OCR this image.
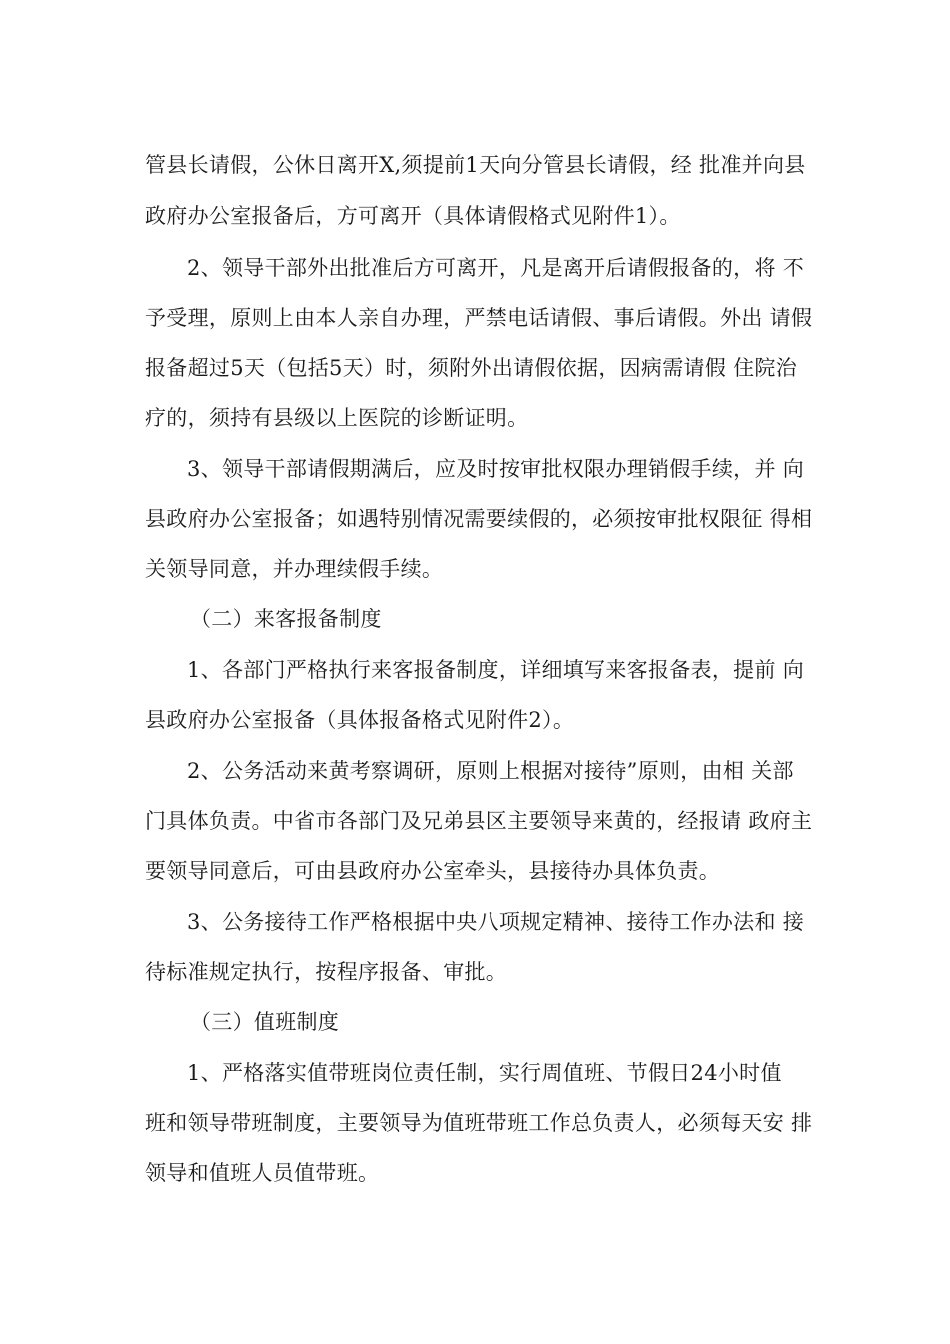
管县长请假，公休日离开X,须提前1天向分管县长请假，经 批准并向县
政府办公室报备后，方可离开（具体请假格式见附件1）。
2、领导干部外出批准后方可离开，凡是离开后请假报备的，将 不
予受理，原则上由本人亲自办理，严禁电话请假、事后请假。外出 请假
报备超过5天（包括5天）时，须附外出请假依据，因病需请假 住院治
疗的，须持有县级以上医院的诊断证明。
3、领导干部请假期满后，应及时按审批权限办理销假手续，并 向
县政府办公室报备；如遇特别情况需要续假的，必须按审批权限征 得相
关领导同意，并办理续假手续。
（二）来客报备制度
1、各部门严格执行来客报备制度，详细填写来客报备表，提前 向
县政府办公室报备（具体报备格式见附件2）。
2、公务活动来黄考察调研，原则上根据对接待”原则，由相 关部
门具体负责。中省市各部门及兄弟县区主要领导来黄的，经报请 政府主
要领导同意后，可由县政府办公室牵头，县接待办具体负责。
3、公务接待工作严格根据中央八项规定精神、接待工作办法和 接
待标准规定执行，按程序报备、审批。
（三）值班制度
1、严格落实值带班岗位责任制，实行周值班、节假日24小时值
班和领导带班制度，主要领导为值班带班工作总负责人，必须每天安 排
领导和值班人员值带班。
